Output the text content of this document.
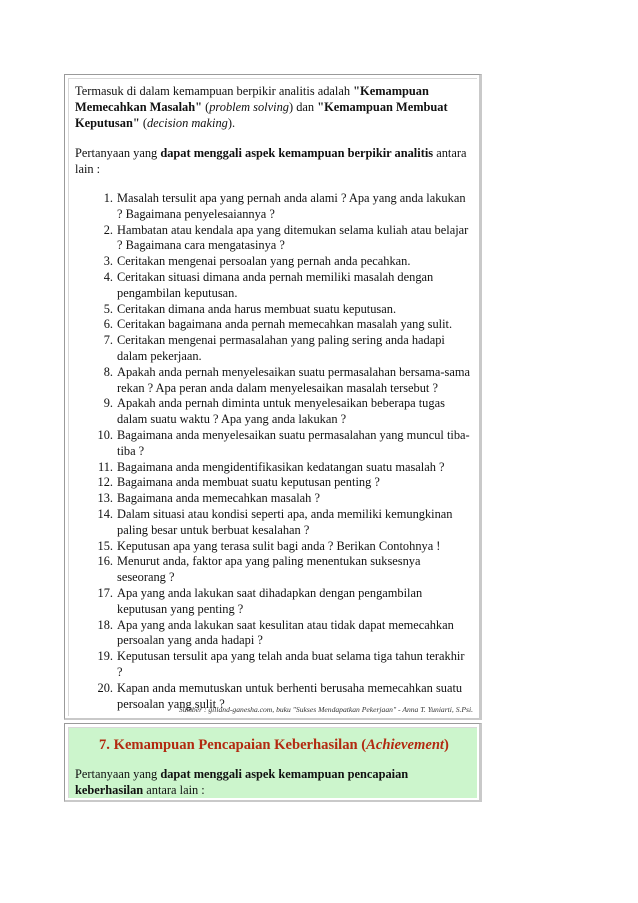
Termasuk di dalam kemampuan berpikir analitis adalah "Kemampuan Memecahkan Masalah" (problem solving) dan "Kemampuan Membuat Keputusan" (decision making).
Pertanyaan yang dapat menggali aspek kemampuan berpikir analitis antara lain :
1. Masalah tersulit apa yang pernah anda alami ? Apa yang anda lakukan ? Bagaimana penyelesaiannya ?
2. Hambatan atau kendala apa yang ditemukan selama kuliah atau belajar ? Bagaimana cara mengatasinya ?
3. Ceritakan mengenai persoalan yang pernah anda pecahkan.
4. Ceritakan situasi dimana anda pernah memiliki masalah dengan pengambilan keputusan.
5. Ceritakan dimana anda harus membuat suatu keputusan.
6. Ceritakan bagaimana anda pernah memecahkan masalah yang sulit.
7. Ceritakan mengenai permasalahan yang paling sering anda hadapi dalam pekerjaan.
8. Apakah anda pernah menyelesaikan suatu permasalahan bersama-sama rekan ? Apa peran anda dalam menyelesaikan masalah tersebut ?
9. Apakah anda pernah diminta untuk menyelesaikan beberapa tugas dalam suatu waktu ? Apa yang anda lakukan ?
10. Bagaimana anda menyelesaikan suatu permasalahan yang muncul tiba-tiba ?
11. Bagaimana anda mengidentifikasikan kedatangan suatu masalah ?
12. Bagaimana anda membuat suatu keputusan penting ?
13. Bagaimana anda memecahkan masalah ?
14. Dalam situasi atau kondisi seperti apa, anda memiliki kemungkinan paling besar untuk berbuat kesalahan ?
15. Keputusan apa yang terasa sulit bagi anda ? Berikan Contohnya !
16. Menurut anda, faktor apa yang paling menentukan suksesnya seseorang ?
17. Apa yang anda lakukan saat dihadapkan dengan pengambilan keputusan yang penting ?
18. Apa yang anda lakukan saat kesulitan atau tidak dapat memecahkan persoalan yang anda hadapi ?
19. Keputusan tersulit apa yang telah anda buat selama tiga tahun terakhir ?
20. Kapan anda memutuskan untuk berhenti berusaha memecahkan suatu persoalan yang sulit ?
Sumber : gilland-ganesha.com, buku "Sukses Mendapatkan Pekerjaan" - Anna T. Yuniarti, S.Psi.
7. Kemampuan Pencapaian Keberhasilan (Achievement)
Pertanyaan yang dapat menggali aspek kemampuan pencapaian keberhasilan antara lain :
